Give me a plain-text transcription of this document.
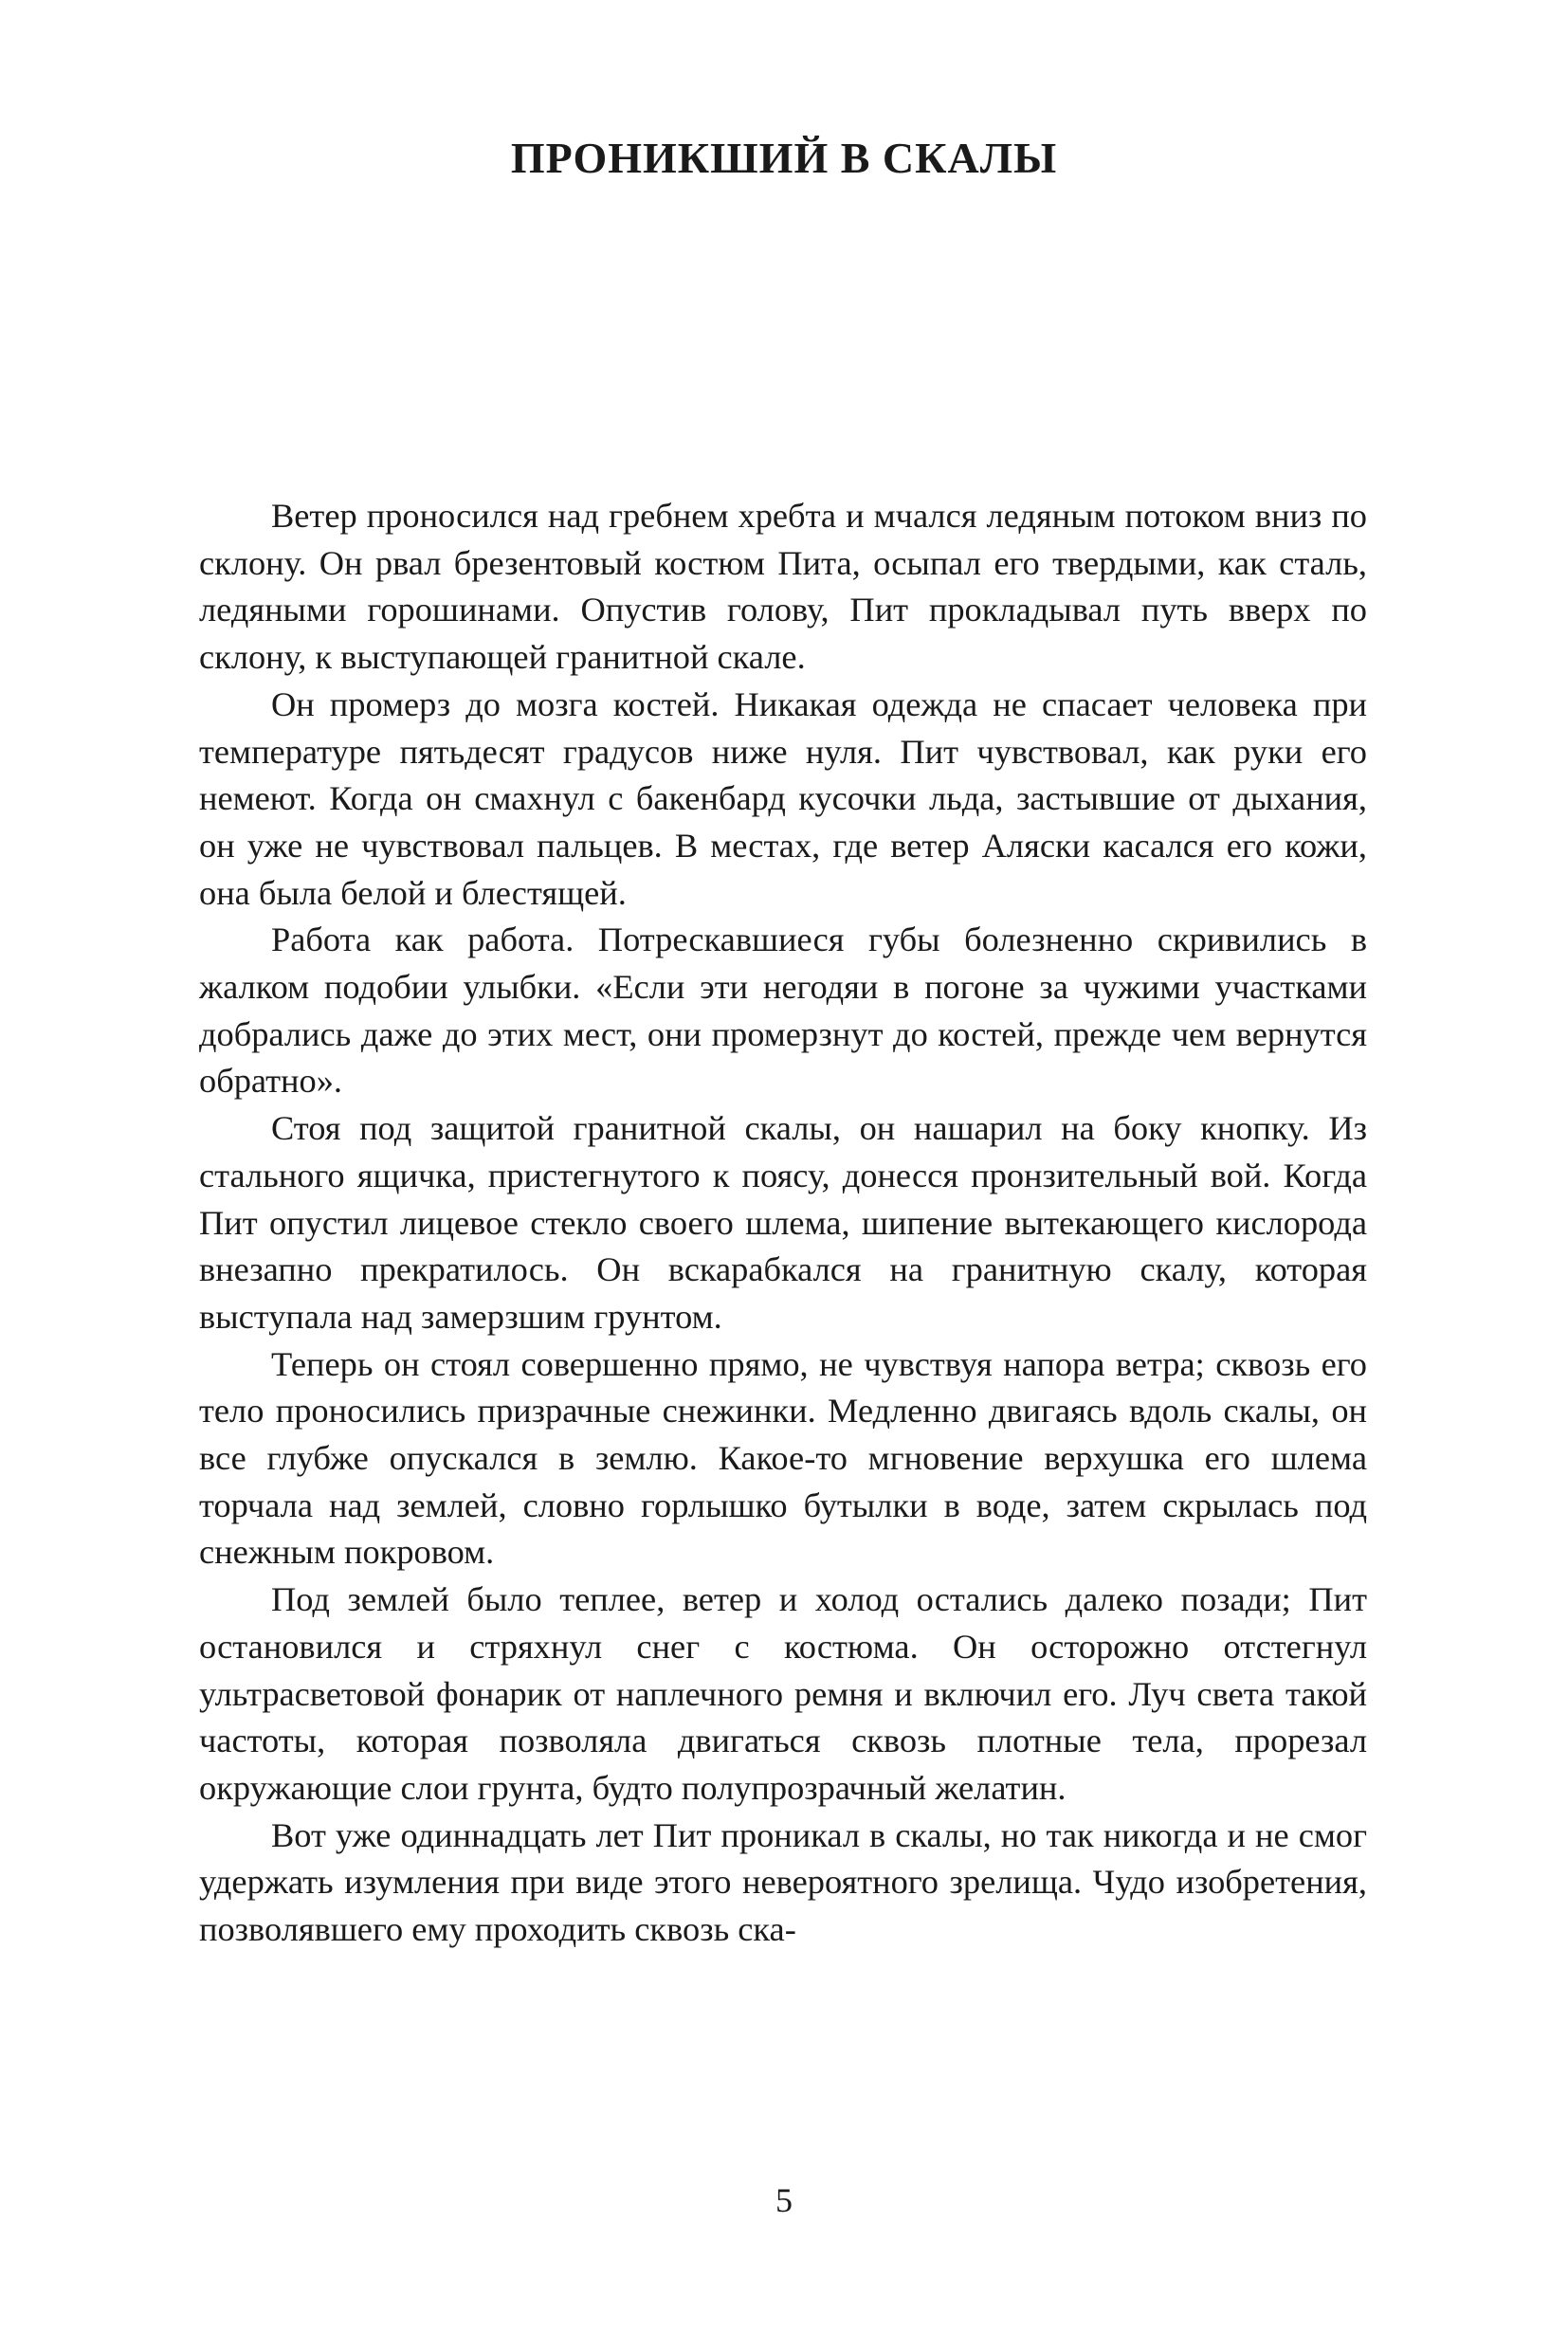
ПРОНИКШИЙ В СКАЛЫ

Ветер проносился над гребнем хребта и мчался ледяным потоком вниз по склону. Он рвал брезентовый костюм Пита, осыпал его твердыми, как сталь, ледяными горошинами. Опустив голову, Пит прокладывал путь вверх по склону, к выступающей гранитной скале.

Он промерз до мозга костей. Никакая одежда не спасает человека при температуре пятьдесят градусов ниже нуля. Пит чувствовал, как руки его немеют. Когда он смахнул с бакенбард кусочки льда, застывшие от дыхания, он уже не чувствовал пальцев. В местах, где ветер Аляски касался его кожи, она была белой и блестящей.

Работа как работа. Потрескавшиеся губы болезненно скривились в жалком подобии улыбки. «Если эти негодяи в погоне за чужими участками добрались даже до этих мест, они промерзнут до костей, прежде чем вернутся обратно».

Стоя под защитой гранитной скалы, он нашарил на боку кнопку. Из стального ящичка, пристегнутого к поясу, донесся пронзительный вой. Когда Пит опустил лицевое стекло своего шлема, шипение вытекающего кислорода внезапно прекратилось. Он вскарабкался на гранитную скалу, которая выступала над замерзшим грунтом.

Теперь он стоял совершенно прямо, не чувствуя напора ветра; сквозь его тело проносились призрачные снежинки. Медленно двигаясь вдоль скалы, он все глубже опускался в землю. Какое-то мгновение верхушка его шлема торчала над землей, словно горлышко бутылки в воде, затем скрылась под снежным покровом.

Под землей было теплее, ветер и холод остались далеко позади; Пит остановился и стряхнул снег с костюма. Он осторожно отстегнул ультрасветовой фонарик от наплечного ремня и включил его. Луч света такой частоты, которая позволяла двигаться сквозь плотные тела, прорезал окружающие слои грунта, будто полупрозрачный желатин.

Вот уже одиннадцать лет Пит проникал в скалы, но так никогда и не смог удержать изумления при виде этого невероятного зрелища. Чудо изобретения, позволявшего ему проходить сквозь ска-

5
